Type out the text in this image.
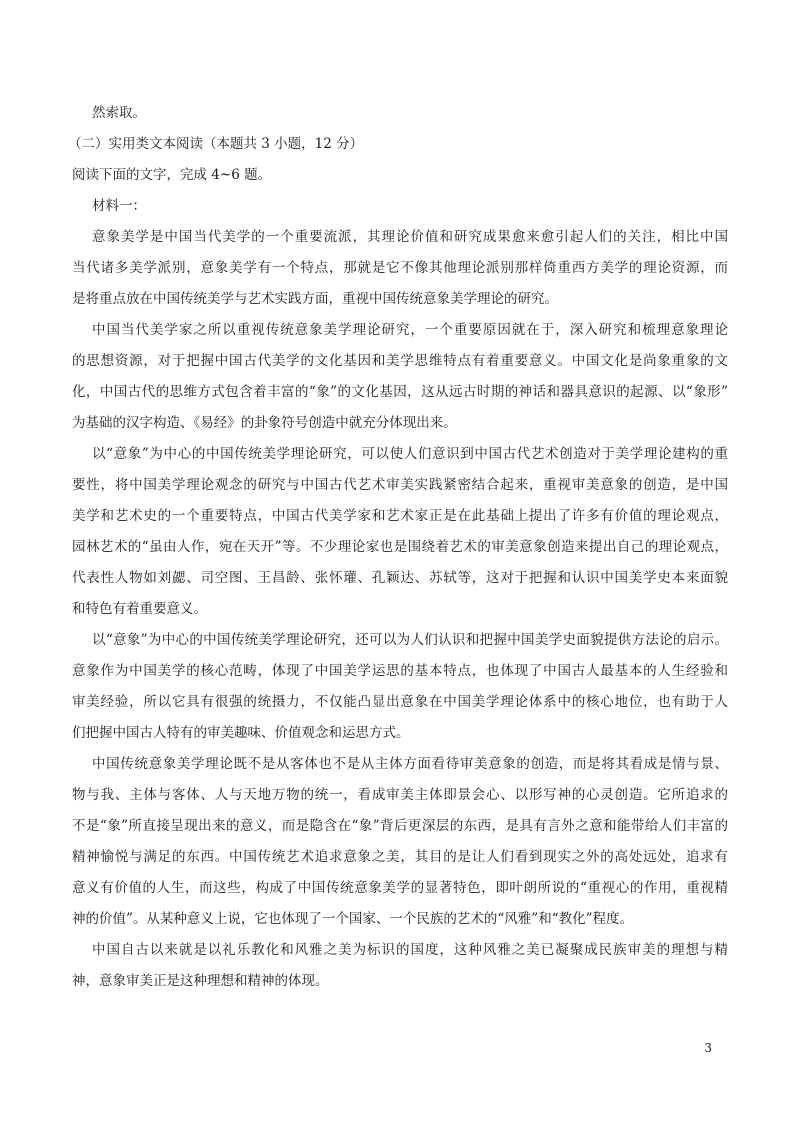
然索取。

（二）实用类文本阅读（本题共 3 小题，12 分）

阅读下面的文字，完成 4~6 题。

材料一：

意象美学是中国当代美学的一个重要流派，其理论价值和研究成果愈来愈引起人们的关注，相比中国

当代诸多美学派别，意象美学有一个特点，那就是它不像其他理论派别那样倚重西方美学的理论资源，而

是将重点放在中国传统美学与艺术实践方面，重视中国传统意象美学理论的研究。

中国当代美学家之所以重视传统意象美学理论研究，一个重要原因就在于，深入研究和梳理意象理论

的思想资源，对于把握中国古代美学的文化基因和美学思维特点有着重要意义。中国文化是尚象重象的文

化，中国古代的思维方式包含着丰富的“象”的文化基因，这从远古时期的神话和器具意识的起源、以“象形”

为基础的汉字构造、《易经》的卦象符号创造中就充分体现出来。

以“意象”为中心的中国传统美学理论研究，可以使人们意识到中国古代艺术创造对于美学理论建构的重

要性，将中国美学理论观念的研究与中国古代艺术审美实践紧密结合起来，重视审美意象的创造，是中国

美学和艺术史的一个重要特点，中国古代美学家和艺术家正是在此基础上提出了许多有价值的理论观点，

园林艺术的“虽由人作，宛在天开”等。不少理论家也是围绕着艺术的审美意象创造来提出自己的理论观点，

代表性人物如刘勰、司空图、王昌龄、张怀瓘、孔颖达、苏轼等，这对于把握和认识中国美学史本来面貌

和特色有着重要意义。

以“意象”为中心的中国传统美学理论研究，还可以为人们认识和把握中国美学史面貌提供方法论的启示。

意象作为中国美学的核心范畴，体现了中国美学运思的基本特点，也体现了中国古人最基本的人生经验和

审美经验，所以它具有很强的统摄力，不仅能凸显出意象在中国美学理论体系中的核心地位，也有助于人

们把握中国古人特有的审美趣味、价值观念和运思方式。

中国传统意象美学理论既不是从客体也不是从主体方面看待审美意象的创造，而是将其看成是情与景、

物与我、主体与客体、人与天地万物的统一，看成审美主体即景会心、以形写神的心灵创造。它所追求的

不是“象”所直接呈现出来的意义，而是隐含在“象”背后更深层的东西，是具有言外之意和能带给人们丰富的

精神愉悦与满足的东西。中国传统艺术追求意象之美，其目的是让人们看到现实之外的高处远处，追求有

意义有价值的人生，而这些，构成了中国传统意象美学的显著特色，即叶朗所说的“重视心的作用，重视精

神的价值”。从某种意义上说，它也体现了一个国家、一个民族的艺术的“风雅”和“教化”程度。

中国自古以来就是以礼乐教化和风雅之美为标识的国度，这种风雅之美已凝聚成民族审美的理想与精

神，意象审美正是这种理想和精神的体现。

3
